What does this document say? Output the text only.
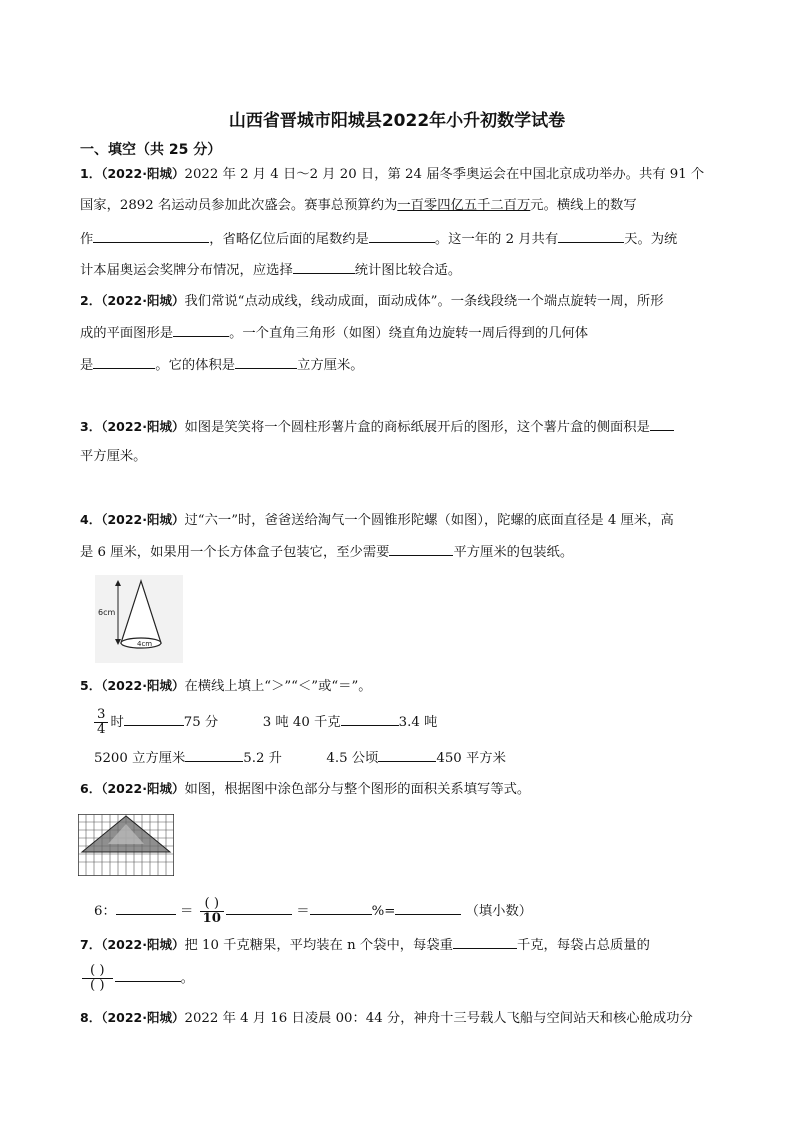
山西省晋城市阳城县2022年小升初数学试卷
一、填空（共 25 分）
1．（2022·阳城）2022 年 2 月 4 日～2 月 20 日，第 24 届冬季奥运会在中国北京成功举办。共有 91 个
国家，2892 名运动员参加此次盛会。赛事总预算约为一百零四亿五千二百万元。横线上的数写
作	，省略亿位后面的尾数约是	。这一年的 2 月共有	天。为统
计本届奥运会奖牌分布情况，应选择	统计图比较合适。
2．（2022·阳城）我们常说“点动成线，线动成面，面动成体”。一条线段绕一个端点旋转一周，所形
成的平面图形是	。一个直角三角形（如图）绕直角边旋转一周后得到的几何体
是	。它的体积是	立方厘米。
3．（2022·阳城）如图是笑笑将一个圆柱形薯片盒的商标纸展开后的图形，这个薯片盒的侧面积是
平方厘米。
4．（2022·阳城）过“六一”时，爸爸送给淘气一个圆锥形陀螺（如图），陀螺的底面直径是 4 厘米，高
是 6 厘米，如果用一个长方体盒子包装它，至少需要	平方厘米的包装纸。
6cm
4cm
5．（2022·阳城）在横线上填上“＞”“＜”或“＝”。
$\frac{3}{4}$ 时	75 分	3 吨 40 千克	3.4 吨
5200 立方厘米	5.2 升	4.5 公顷	450 平方米
6．（2022·阳城）如图，根据图中涂色部分与整个图形的面积关系填写等式。
6：	＝ $\frac{( )}{10}$	＝	%=	（填小数）
7．（2022·阳城）把 10 千克糖果，平均装在 n 个袋中，每袋重	千克，每袋占总质量的
$\frac{( )}{( )}$	。
8．（2022·阳城）2022 年 4 月 16 日凌晨 00：44 分，神舟十三号载人飞船与空间站天和核心舱成功分
